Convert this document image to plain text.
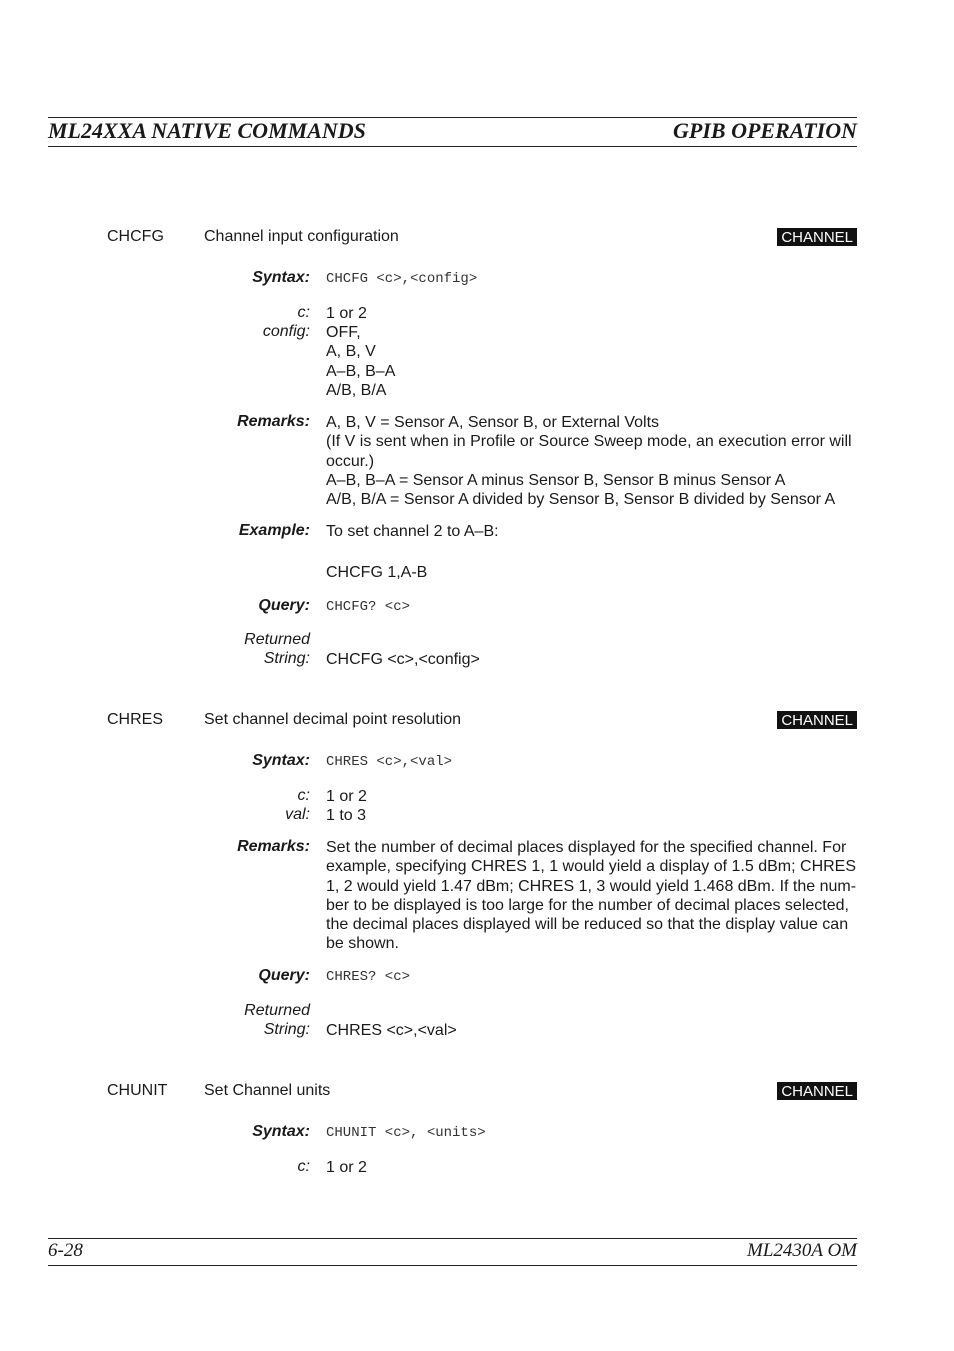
ML24XXA NATIVE COMMANDS	GPIB OPERATION
CHCFG	Channel input configuration	CHANNEL
Syntax: CHCFG <c>,<config>
c: 1 or 2
config: OFF,
A, B, V
A–B, B–A
A/B, B/A
Remarks: A, B, V = Sensor A, Sensor B, or External Volts
(If V is sent when in Profile or Source Sweep mode, an execution error will
occur.)
A–B, B–A = Sensor A minus Sensor B, Sensor B minus Sensor A
A/B, B/A = Sensor A divided by Sensor B, Sensor B divided by Sensor A
Example: To set channel 2 to A–B:
CHCFG 1,A-B
Query: CHCFG? <c>
Returned
String: CHCFG <c>,<config>
CHRES	Set channel decimal point resolution	CHANNEL
Syntax: CHRES <c>,<val>
c: 1 or 2
val: 1 to 3
Remarks: Set the number of decimal places displayed for the specified channel. For
example, specifying CHRES 1, 1 would yield a display of 1.5 dBm; CHRES
1, 2 would yield 1.47 dBm; CHRES 1, 3 would yield 1.468 dBm. If the num-
ber to be displayed is too large for the number of decimal places selected,
the decimal places displayed will be reduced so that the display value can
be shown.
Query: CHRES? <c>
Returned
String: CHRES <c>,<val>
CHUNIT Set Channel units	CHANNEL
Syntax: CHUNIT <c>, <units>
c: 1 or 2
6-28	ML2430A OM
